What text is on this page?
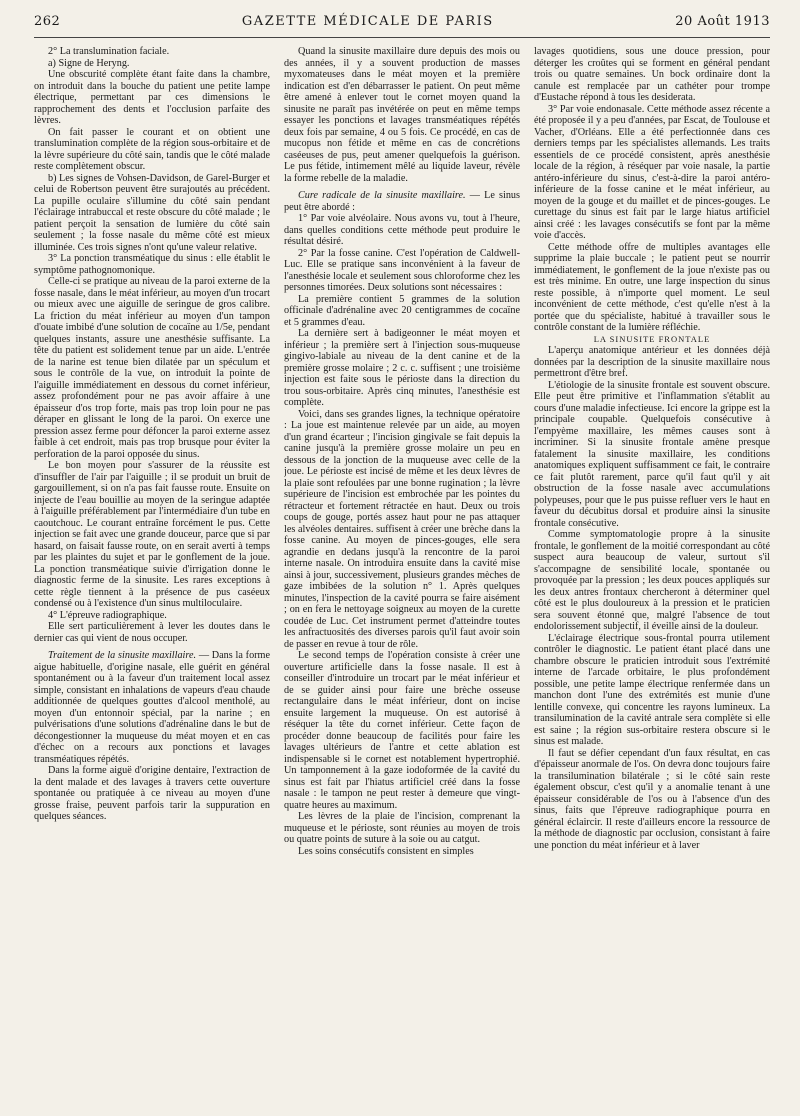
262	GAZETTE MÉDICALE DE PARIS	20 Août 1913

2° La translumination faciale.

a) Signe de Heryng.

Une obscurité complète étant faite dans la chambre, on introduit dans la bouche du patient une petite lampe électrique, permettant par ces dimensions le rapprochement des dents et l'occlusion parfaite des lèvres.

On fait passer le courant et on obtient une translumination complète de la région sous-orbitaire et de la lèvre supérieure du côté sain, tandis que le côté malade reste complètement obscur.

b) Les signes de Vohsen-Davidson, de Garel-Burger et celui de Robertson peuvent être surajoutés au précédent. La pupille oculaire s'illumine du côté sain pendant l'éclairage intrabuccal et reste obscure du côté malade ; le patient perçoit la sensation de lumière du côté sain seulement ; la fosse nasale du même côté est mieux illuminée. Ces trois signes n'ont qu'une valeur relative.

3° La ponction transméatique du sinus : elle établit le symptôme pathognomonique.

Celle-ci se pratique au niveau de la paroi externe de la fosse nasale, dans le méat inférieur, au moyen d'un trocart ou mieux avec une aiguille de seringue de gros calibre. La friction du méat inférieur au moyen d'un tampon d'ouate imbibé d'une solution de cocaïne au 1/5e, pendant quelques instants, assure une anesthésie suffisante. La tête du patient est solidement tenue par un aide. L'entrée de la narine est tenue bien dilatée par un spéculum et sous le contrôle de la vue, on introduit la pointe de l'aiguille immédiatement en dessous du cornet inférieur, assez profondément pour ne pas avoir affaire à une épaisseur d'os trop forte, mais pas trop loin pour ne pas déraper en glissant le long de la paroi. On exerce une pression assez ferme pour défoncer la paroi externe assez faible à cet endroit, mais pas trop brusque pour éviter la perforation de la paroi opposée du sinus.

Le bon moyen pour s'assurer de la réussite est d'insuffler de l'air par l'aiguille ; il se produit un bruit de gargouillement, si on n'a pas fait fausse route. Ensuite on injecte de l'eau bouillie au moyen de la seringue adaptée à l'aiguille préférablement par l'intermédiaire d'un tube en caoutchouc. Le courant entraîne forcément le pus. Cette injection se fait avec une grande douceur, parce que si par hasard, on faisait fausse route, on en serait averti à temps par les plaintes du sujet et par le gonflement de la joue. La ponction transméatique suivie d'irrigation donne le diagnostic ferme de la sinusite. Les rares exceptions à cette règle tiennent à la présence de pus caséeux condensé ou à l'existence d'un sinus multiloculaire.

4° L'épreuve radiographique.

Elle sert particulièrement à lever les doutes dans le dernier cas qui vient de nous occuper.

Traitement de la sinusite maxillaire. — Dans la forme aigue habituelle, d'origine nasale, elle guérit en général spontanément ou à la faveur d'un traitement local assez simple, consistant en inhalations de vapeurs d'eau chaude additionnée de quelques gouttes d'alcool mentholé, au moyen d'un entonnoir spécial, par la narine ; en pulvérisations d'une solutions d'adrénaline dans le but de décongestionner la muqueuse du méat moyen et en cas d'échec on a recours aux ponctions et lavages transméatiques répétés.

Dans la forme aiguë d'origine dentaire, l'extraction de la dent malade et des lavages à travers cette ouverture spontanée ou pratiquée à ce niveau au moyen d'une grosse fraise, peuvent parfois tarir la suppuration en quelques séances.

Quand la sinusite maxillaire dure depuis des mois ou des années, il y a souvent production de masses myxomateuses dans le méat moyen et la première indication est d'en débarrasser le patient. On peut même être amené à enlever tout le cornet moyen quand la sinusite ne paraît pas invétérée on peut en même temps essayer les ponctions et lavages transméatiques répétés deux fois par semaine, 4 ou 5 fois. Ce procédé, en cas de mucopus non fétide et même en cas de concrétions caséeuses de pus, peut amener quelquefois la guérison. Le pus fétide, intimement mêlé au liquide laveur, révèle la forme rebelle de la maladie.

Cure radicale de la sinusite maxillaire. — Le sinus peut être abordé :

1° Par voie alvéolaire. Nous avons vu, tout à l'heure, dans quelles conditions cette méthode peut produire le résultat désiré.

2° Par la fosse canine. C'est l'opération de Caldwell-Luc. Elle se pratique sans inconvénient à la faveur de l'anesthésie locale et seulement sous chloroforme chez les personnes timorées. Deux solutions sont nécessaires :

La première contient 5 grammes de la solution officinale d'adrénaline avec 20 centigrammes de cocaïne et 5 grammes d'eau.

La dernière sert à badigeonner le méat moyen et inférieur ; la première sert à l'injection sous-muqueuse gingivo-labiale au niveau de la dent canine et de la première grosse molaire ; 2 c. c. suffisent ; une troisième injection est faite sous le périoste dans la direction du trou sous-orbitaire. Après cinq minutes, l'anesthésie est complète.

Voici, dans ses grandes lignes, la technique opératoire : La joue est maintenue relevée par un aide, au moyen d'un grand écarteur ; l'incision gingivale se fait depuis la canine jusqu'à la première grosse molaire un peu en dessous de la jonction de la muqueuse avec celle de la joue. Le périoste est incisé de même et les deux lèvres de la plaie sont refoulées par une bonne rugination ; la lèvre supérieure de l'incision est embrochée par les pointes du rétracteur et fortement rétractée en haut. Deux ou trois coups de gouge, portés assez haut pour ne pas attaquer les alvéoles dentaires. suffisent à créer une brèche dans la fosse canine. Au moyen de pinces-gouges, elle sera agrandie en dedans jusqu'à la rencontre de la paroi interne nasale. On introduira ensuite dans la cavité mise ainsi à jour, successivement, plusieurs grandes mèches de gaze imbibées de la solution n° 1. Après quelques minutes, l'inspection de la cavité pourra se faire aisément ; on en fera le nettoyage soigneux au moyen de la curette coudée de Luc. Cet instrument permet d'atteindre toutes les anfractuosités des diverses parois qu'il faut avoir soin de passer en revue à tour de rôle.

Le second temps de l'opération consiste à créer une ouverture artificielle dans la fosse nasale. Il est à conseiller d'introduire un trocart par le méat inférieur et de se guider ainsi pour faire une brèche osseuse rectangulaire dans le méat inférieur, dont on incise ensuite largement la muqueuse. On est autorisé à réséquer la tête du cornet inférieur. Cette façon de procéder donne beaucoup de facilités pour faire les lavages ultérieurs de l'antre et cette ablation est indispensable si le cornet est notablement hypertrophié. Un tamponnement à la gaze iodoformée de la cavité du sinus est fait par l'hiatus artificiel créé dans la fosse nasale : le tampon ne peut rester à demeure que vingt-quatre heures au maximum.

Les lèvres de la plaie de l'incision, comprenant la muqueuse et le périoste, sont réunies au moyen de trois ou quatre points de suture à la soie ou au catgut.

Les soins consécutifs consistent en simples

lavages quotidiens, sous une douce pression, pour déterger les croûtes qui se forment en général pendant trois ou quatre semaines. Un bock ordinaire dont la canule est remplacée par un cathéter pour trompe d'Eustache répond à tous les desiderata.

3° Par voie endonasale. Cette méthode assez récente a été proposée il y a peu d'années, par Escat, de Toulouse et Vacher, d'Orléans. Elle a été perfectionnée dans ces derniers temps par les spécialistes allemands. Les traits essentiels de ce procédé consistent, après anesthésie locale de la région, à réséquer par voie nasale, la partie antéro-inférieure du sinus, c'est-à-dire la paroi antéro-inférieure de la fosse canine et le méat inférieur, au moyen de la gouge et du maillet et de pinces-gouges. Le curettage du sinus est fait par le large hiatus artificiel ainsi créé : les lavages consécutifs se font par la même voie d'accès.

Cette méthode offre de multiples avantages elle supprime la plaie buccale ; le patient peut se nourrir immédiatement, le gonflement de la joue n'existe pas ou est très minime. En outre, une large inspection du sinus reste possible, à n'importe quel moment. Le seul inconvénient de cette méthode, c'est qu'elle n'est à la portée que du spécialiste, habitué à travailler sous le contrôle constant de la lumière réfléchie.

LA SINUSITE FRONTALE

L'aperçu anatomique antérieur et les données déjà données par la description de la sinusite maxillaire nous permettront d'être bref.

L'étiologie de la sinusite frontale est souvent obscure. Elle peut être primitive et l'inflammation s'établit au cours d'une maladie infectieuse. Ici encore la grippe est la principale coupable. Quelquefois consécutive à l'empyème maxillaire, les mêmes causes sont à incriminer. Si la sinusite frontale amène presque fatalement la sinusite maxillaire, les conditions anatomiques expliquent suffisamment ce fait, le contraire ce fait plutôt rarement, parce qu'il faut qu'il y ait obstruction de la fosse nasale avec accumulations polypeuses, pour que le pus puisse refluer vers le haut en faveur du décubitus dorsal et produire ainsi la sinusite frontale consécutive.

Comme symptomatologie propre à la sinusite frontale, le gonflement de la moitié correspondant au côté suspect aura beaucoup de valeur, surtout s'il s'accompagne de sensibilité locale, spontanée ou provoquée par la pression ; les deux pouces appliqués sur les deux antres frontaux chercheront à déterminer quel côté est le plus douloureux à la pression et le praticien sera souvent étonné que, malgré l'absence de tout endolorissement subjectif, il éveille ainsi de la douleur.

L'éclairage électrique sous-frontal pourra utilement contrôler le diagnostic. Le patient étant placé dans une chambre obscure le praticien introduit sous l'extrémité interne de l'arcade orbitaire, le plus profondément possible, une petite lampe électrique renfermée dans un manchon dont l'une des extrémités est munie d'une lentille convexe, qui concentre les rayons lumineux. La transilumination de la cavité antrale sera complète si elle est saine ; la région sus-orbitaire restera obscure si le sinus est malade.

Il faut se défier cependant d'un faux résultat, en cas d'épaisseur anormale de l'os. On devra donc toujours faire la transilumination bilatérale ; si le côté sain reste également obscur, c'est qu'il y a anomalie tenant à une épaisseur considérable de l'os ou à l'absence d'un des sinus, faits que l'épreuve radiographique pourra en général éclaircir. Il reste d'ailleurs encore la ressource de la méthode de diagnostic par occlusion, consistant à faire une ponction du méat inférieur et à laver
